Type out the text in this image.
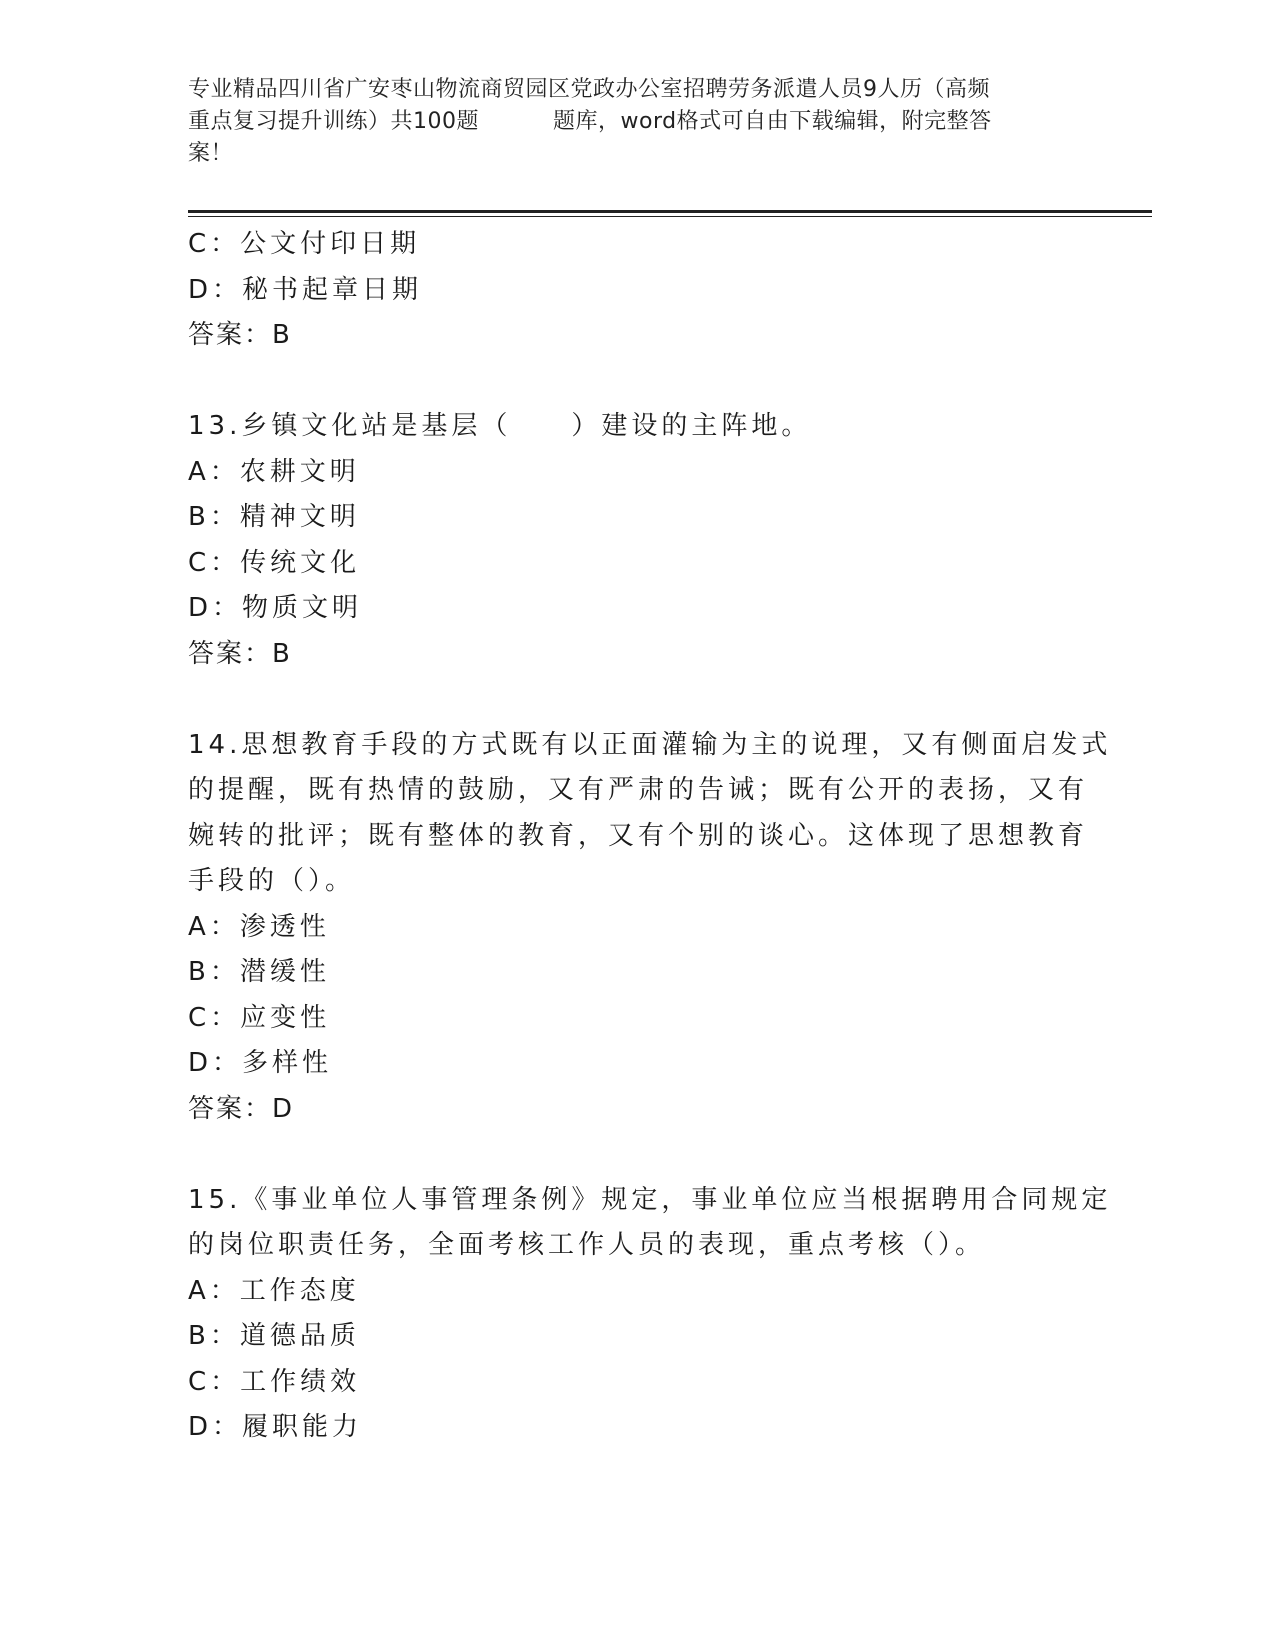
专业精品四川省广安枣山物流商贸园区党政办公室招聘劳务派遣人员9人历（高频
重点复习提升训练）共100题	题库，word格式可自由下载编辑，附完整答
案！
C：公文付印日期
D：秘书起章日期
答案：B
13.乡镇文化站是基层（　　）建设的主阵地。
A：农耕文明
B：精神文明
C：传统文化
D：物质文明
答案：B
14.思想教育手段的方式既有以正面灌输为主的说理，又有侧面启发式
的提醒，既有热情的鼓励，又有严肃的告诫；既有公开的表扬，又有
婉转的批评；既有整体的教育，又有个别的谈心。这体现了思想教育
手段的（）。
A：渗透性
B：潜缓性
C：应变性
D：多样性
答案：D
15.《事业单位人事管理条例》规定，事业单位应当根据聘用合同规定
的岗位职责任务，全面考核工作人员的表现，重点考核（）。
A：工作态度
B：道德品质
C：工作绩效
D：履职能力
